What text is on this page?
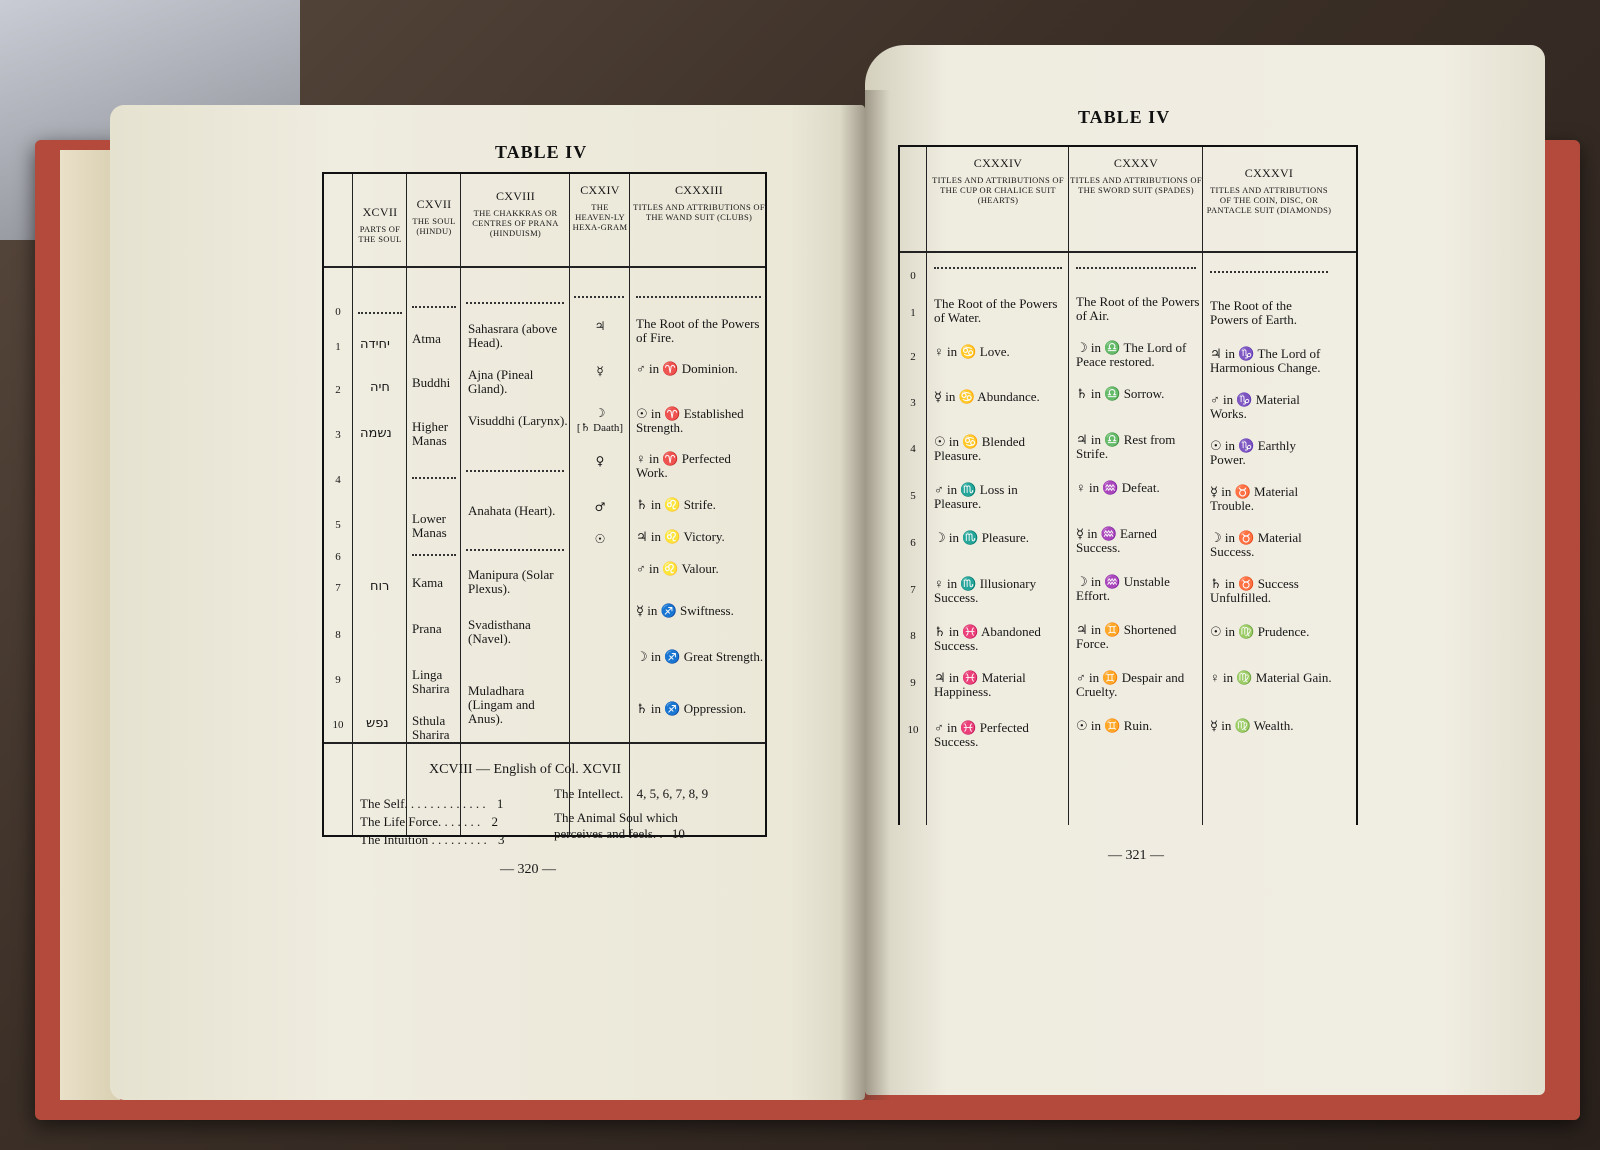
TABLE IV
XCVII
PARTS OF THE SOUL
CXVII
THE SOUL (HINDU)
CXVIII
THE CHAKKRAS OR CENTRES OF PRANA (HINDUISM)
CXXIV
THE HEAVEN-LY HEXA-GRAM
CXXXIII
TITLES AND ATTRIBUTIONS OF THE WAND SUIT (CLUBS)
0
1
2
3
4
5
6
7
8
9
10
יחידה
חיה
נשמה
רוח
נפש
Atma
Buddhi
Higher Manas
Lower Manas
Kama
Prana
Linga Sharira
Sthula Sharira
Sahasrara (above Head).
Ajna (Pineal Gland).
Visuddhi (Larynx).
Anahata (Heart).
Manipura (Solar Plexus).
Svadisthana (Navel).
Muladhara (Lingam and Anus).
♃
☿
☽
[♄ Daath]
♀
♂
☉
The Root of the Powers of Fire.
♂ in ♈ Dominion.
☉ in ♈ Established Strength.
♀ in ♈ Perfected Work.
♄ in ♌ Strife.
♃ in ♌ Victory.
♂ in ♌ Valour.
☿ in ♐ Swiftness.
☽ in ♐ Great Strength.
♄ in ♐ Oppression.
XCVIII — English of Col. XCVII
The Self. . . . . . . . . . . . . 1
The Life Force. . . . . . . 2
The Intuition . . . . . . . . . 3
The Intellect. 4, 5, 6, 7, 8, 9
The Animal Soul which perceives and feels. . 10
— 320 —
TABLE IV
CXXXIV
TITLES AND ATTRIBUTIONS OF THE CUP OR CHALICE SUIT (HEARTS)
CXXXV
TITLES AND ATTRIBUTIONS OF THE SWORD SUIT (SPADES)
CXXXVI
TITLES AND ATTRIBUTIONS OF THE COIN, DISC, OR PANTACLE SUIT (DIAMONDS)
0
1
2
3
4
5
6
7
8
9
10
The Root of the Powers of Water.
♀ in ♋ Love.
☿ in ♋ Abundance.
☉ in ♋ Blended Pleasure.
♂ in ♏ Loss in Pleasure.
☽ in ♏ Pleasure.
♀ in ♏ Illusionary Success.
♄ in ♓ Abandoned Success.
♃ in ♓ Material Happiness.
♂ in ♓ Perfected Success.
The Root of the Powers of Air.
☽ in ♎ The Lord of Peace restored.
♄ in ♎ Sorrow.
♃ in ♎ Rest from Strife.
♀ in ♒ Defeat.
☿ in ♒ Earned Success.
☽ in ♒ Unstable Effort.
♃ in ♊ Shortened Force.
♂ in ♊ Despair and Cruelty.
☉ in ♊ Ruin.
The Root of the Powers of Earth.
♃ in ♑ The Lord of Harmonious Change.
♂ in ♑ Material Works.
☉ in ♑ Earthly Power.
☿ in ♉ Material Trouble.
☽ in ♉ Material Success.
♄ in ♉ Success Unfulfilled.
☉ in ♍ Prudence.
♀ in ♍ Material Gain.
☿ in ♍ Wealth.
— 321 —
